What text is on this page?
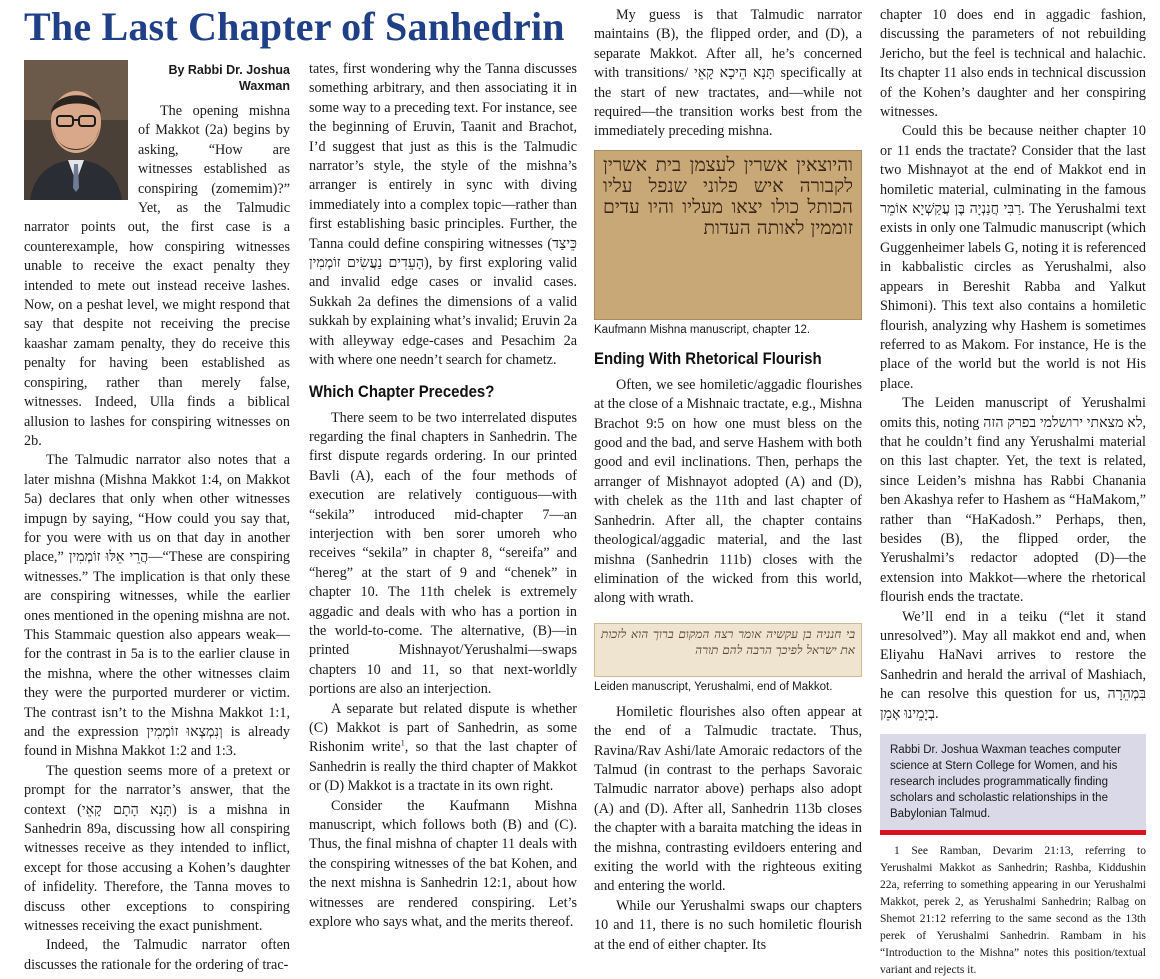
The Last Chapter of Sanhedrin
By Rabbi Dr. Joshua Waxman

The opening mishna of Makkot (2a) begins by asking, “How are witnesses established as conspiring (zomemim)?” Yet, as the Talmudic narrator points out, the first case is a counterexample, how conspiring witnesses unable to receive the exact penalty they intended to mete out instead receive lashes. Now, on a peshat level, we might respond that say that despite not receiving the precise kaashar zamam penalty, they do receive this penalty for having been established as conspiring, rather than merely false, witnesses. Indeed, Ulla finds a biblical allusion to lashes for conspiring witnesses on 2b.

The Talmudic narrator also notes that a later mishna (Mishna Makkot 1:4, on Makkot 5a) declares that only when other witnesses impugn by saying, “How could you say that, for you were with us on that day in another place,” הֲרֵי אֵלּוּ זוֹמְמִין—“These are conspiring witnesses.” The implication is that only these are conspiring witnesses, while the earlier ones mentioned in the opening mishna are not. This Stammaic question also appears weak—for the contrast in 5a is to the earlier clause in the mishna, where the other witnesses claim they were the purported murderer or victim. The contrast isn’t to the Mishna Makkot 1:1, and the expression וְנִמְצְאוּ זוֹמְמִין is already found in Mishna Makkot 1:2 and 1:3.

The question seems more of a pretext or prompt for the narrator’s answer, that the context (תָּנָא הָתָם קָאֵי) is a mishna in Sanhedrin 89a, discussing how all conspiring witnesses receive as they intended to inflict, except for those accusing a Kohen’s daughter of infidelity. Therefore, the Tanna moves to discuss other exceptions to conspiring witnesses receiving the exact punishment.

Indeed, the Talmudic narrator often discusses the rationale for the ordering of trac-

tates, first wondering why the Tanna discusses something arbitrary, and then associating it in some way to a preceding text. For instance, see the beginning of Eruvin, Taanit and Brachot, I’d suggest that just as this is the Talmudic narrator’s style, the style of the mishna’s arranger is entirely in sync with diving immediately into a complex topic—rather than first establishing basic principles. Further, the Tanna could define conspiring witnesses (כֵּיצַד הָעֵדִים נַעֲשִׂים זוֹמְמִין), by first exploring valid and invalid edge cases or invalid cases. Sukkah 2a defines the dimensions of a valid sukkah by explaining what’s invalid; Eruvin 2a with alleyway edge-cases and Pesachim 2a with where one needn’t search for chametz.

Which Chapter Precedes?

There seem to be two interrelated disputes regarding the final chapters in Sanhedrin. The first dispute regards ordering. In our printed Bavli (A), each of the four methods of execution are relatively contiguous—with “sekila” introduced mid-chapter 7—an interjection with ben sorer umoreh who receives “sekila” in chapter 8, “sereifa” and “hereg” at the start of 9 and “chenek” in chapter 10. The 11th chelek is extremely aggadic and deals with who has a portion in the world-to-come. The alternative, (B)—in printed Mishnayot/Yerushalmi—swaps chapters 10 and 11, so that next-worldly portions are also an interjection.

A separate but related dispute is whether (C) Makkot is part of Sanhedrin, as some Rishonim write$^1$, so that the last chapter of Sanhedrin is really the third chapter of Makkot or (D) Makkot is a tractate in its own right.

Consider the Kaufmann Mishna manuscript, which follows both (B) and (C). Thus, the final mishna of chapter 11 deals with the conspiring witnesses of the bat Kohen, and the next mishna is Sanhedrin 12:1, about how witnesses are rendered conspiring. Let’s explore who says what, and the merits thereof.

My guess is that Talmudic narrator maintains (B), the flipped order, and (D), a separate Makkot. After all, he’s concerned with transitions/ תָּנָא הֵיכָא קָאֵי specifically at the start of new tractates, and—while not required—the transition works best from the immediately preceding mishna.

והיוצאין אשרין לעצמן בית אשרין לקבורה איש פלוני שנפל עליו הכותל כולו יצאו מעליו והיו עדים זוממין לאותה העדות
Kaufmann Mishna manuscript, chapter 12.
Ending With Rhetorical Flourish

Often, we see homiletic/aggadic flourishes at the close of a Mishnaic tractate, e.g., Mishna Brachot 9:5 on how one must bless on the good and the bad, and serve Hashem with both good and evil inclinations. Then, perhaps the arranger of Mishnayot adopted (A) and (D), with chelek as the 11th and last chapter of Sanhedrin. After all, the chapter contains theological/aggadic material, and the last mishna (Sanhedrin 111b) closes with the elimination of the wicked from this world, along with wrath.

בי חנניה בן עקשיה אומר רצה המקום ברוך הוא לזכות את ישראל לפיכך הרבה להם תורה
Leiden manuscript, Yerushalmi, end of Makkot.

Homiletic flourishes also often appear at the end of a Talmudic tractate. Thus, Ravina/Rav Ashi/late Amoraic redactors of the Talmud (in contrast to the perhaps Savoraic Talmudic narrator above) perhaps also adopt (A) and (D). After all, Sanhedrin 113b closes the chapter with a baraita matching the ideas in the mishna, contrasting evildoers entering and exiting the world with the righteous exiting and entering the world.

While our Yerushalmi swaps our chapters 10 and 11, there is no such homiletic flourish at the end of either chapter. Its

chapter 10 does end in aggadic fashion, discussing the parameters of not rebuilding Jericho, but the feel is technical and halachic. Its chapter 11 also ends in technical discussion of the Kohen’s daughter and her conspiring witnesses.

Could this be because neither chapter 10 or 11 ends the tractate? Consider that the last two Mishnayot at the end of Makkot end in homiletic material, culminating in the famous רַבִּי חֲנַנְיָה בֶּן עֲקַשְׁיָא אוֹמֵר. The Yerushalmi text exists in only one Talmudic manuscript (which Guggenheimer labels G, noting it is referenced in kabbalistic circles as Yerushalmi, also appears in Bereshit Rabba and Yalkut Shimoni). This text also contains a homiletic flourish, analyzing why Hashem is sometimes referred to as Makom. For instance, He is the place of the world but the world is not His place.

The Leiden manuscript of Yerushalmi omits this, noting לא מצאתי ירושלמי בפרק הזה, that he couldn’t find any Yerushalmi material on this last chapter. Yet, the text is related, since Leiden’s mishna has Rabbi Chanania ben Akashya refer to Hashem as “HaMakom,” rather than “HaKadosh.” Perhaps, then, besides (B), the flipped order, the Yerushalmi’s redactor adopted (D)—the extension into Makkot—where the rhetorical flourish ends the tractate.

We’ll end in a teiku (“let it stand unresolved”). May all makkot end and, when Eliyahu HaNavi arrives to restore the Sanhedrin and herald the arrival of Mashiach, he can resolve this question for us, בִּמְהֵרָה בְיָמֵינוּ אָמֵן.

Rabbi Dr. Joshua Waxman teaches computer science at Stern College for Women, and his research includes programmatically finding scholars and scholastic relationships in the Babylonian Talmud.

1 See Ramban, Devarim 21:13, referring to Yerushalmi Makkot as Sanhedrin; Rashba, Kiddushin 22a, referring to something appearing in our Yerushalmi Makkot, perek 2, as Yerushalmi Sanhedrin; Ralbag on Shemot 21:12 referring to the same second as the 13th perek of Yerushalmi Sanhedrin. Rambam in his “Introduction to the Mishna” notes this position/textual variant and rejects it.
